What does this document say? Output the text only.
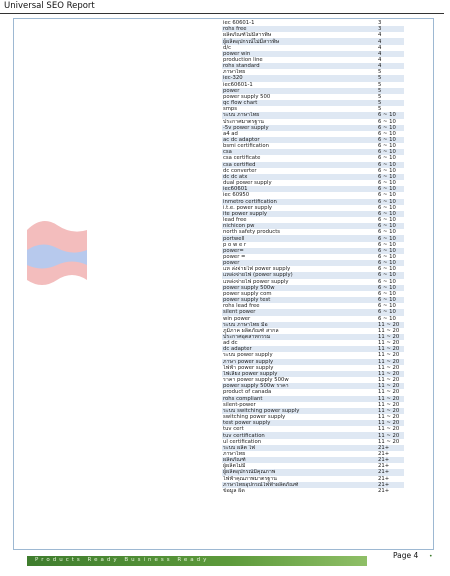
Universal SEO Report
iec 60601-1	3
rohs free	3
ผลิตภัณฑ์ไม่มีสารพิษ	4
ผู้ผลิตอุปกรณ์ไม่มีสารพิษ	4
d/c	4
power win	4
production line	4
rohs standard	4
ภาษาไทย	5
iec-320	5
iec60601-1	5
power	5
power supply 500	5
qc flow chart	5
smps	5
ระบบ ภาษาไทย	6 ~ 10
ประกาศมาตรฐาน	6 ~ 10
-5v power supply	6 ~ 10
a4 ad	6 ~ 10
ac dc adaptor	6 ~ 10
bsmi certification	6 ~ 10
csa	6 ~ 10
csa certificate	6 ~ 10
csa certified	6 ~ 10
dc converter	6 ~ 10
dc dc atx	6 ~ 10
dual power supply	6 ~ 10
iec60601	6 ~ 10
iec 60950	6 ~ 10
inmetro certification	6 ~ 10
i.t.e. power supply	6 ~ 10
ite power supply	6 ~ 10
lead free	6 ~ 10
nichicon pw	6 ~ 10
north safety products	6 ~ 10
portwell	6 ~ 10
p o w e r	6 ~ 10
power=	6 ~ 10
power =	6 ~ 10
power	6 ~ 10
แห ล่งจ่ายไฟ power supply	6 ~ 10
แหล่งจ่ายไฟ (power supply)	6 ~ 10
แหล่งจ่ายไฟ power supply	6 ~ 10
power supply 500w	6 ~ 10
power supply com	6 ~ 10
power supply test	6 ~ 10
rohs lead free	6 ~ 10
silent power	6 ~ 10
win power	6 ~ 10
ระบบ ภาษาไทย มือ	11 ~ 20
ภูมิภาค ผลิตภัณฑ์ สากล	11 ~ 20
ประกาศอุตสาหกรรม	11 ~ 20
ad dc	11 ~ 20
dc adapter	11 ~ 20
ระบบ power supply	11 ~ 20
ภาษา power supply	11 ~ 20
ไฟฟ้า power supply	11 ~ 20
ไฟเลี้ยง power supply	11 ~ 20
ราคา power supply 500w	11 ~ 20
power supply 500w ราคา	11 ~ 20
product of canada	11 ~ 20
rohs compliant	11 ~ 20
silent-power	11 ~ 20
ระบบ switching power supply	11 ~ 20
switching power supply	11 ~ 20
test power supply	11 ~ 20
tuv cert	11 ~ 20
tuv certification	11 ~ 20
ul certification	11 ~ 20
ระบบ ผลิต ไฟ	21+
ภาษาไทย	21+
ผลิตภัณฑ์	21+
ผู้ผลิตไม่มี	21+
ผู้ผลิตอุปกรณ์มีคุณภาพ	21+
ไฟฟ้าคุณภาพมาตรฐาน	21+
ภาษาไทยอุปกรณ์ไฟฟ้าผลิตภัณฑ์	21+
ข้อมูล ผิด	21+
Products Ready Business Ready	Page 4 •
